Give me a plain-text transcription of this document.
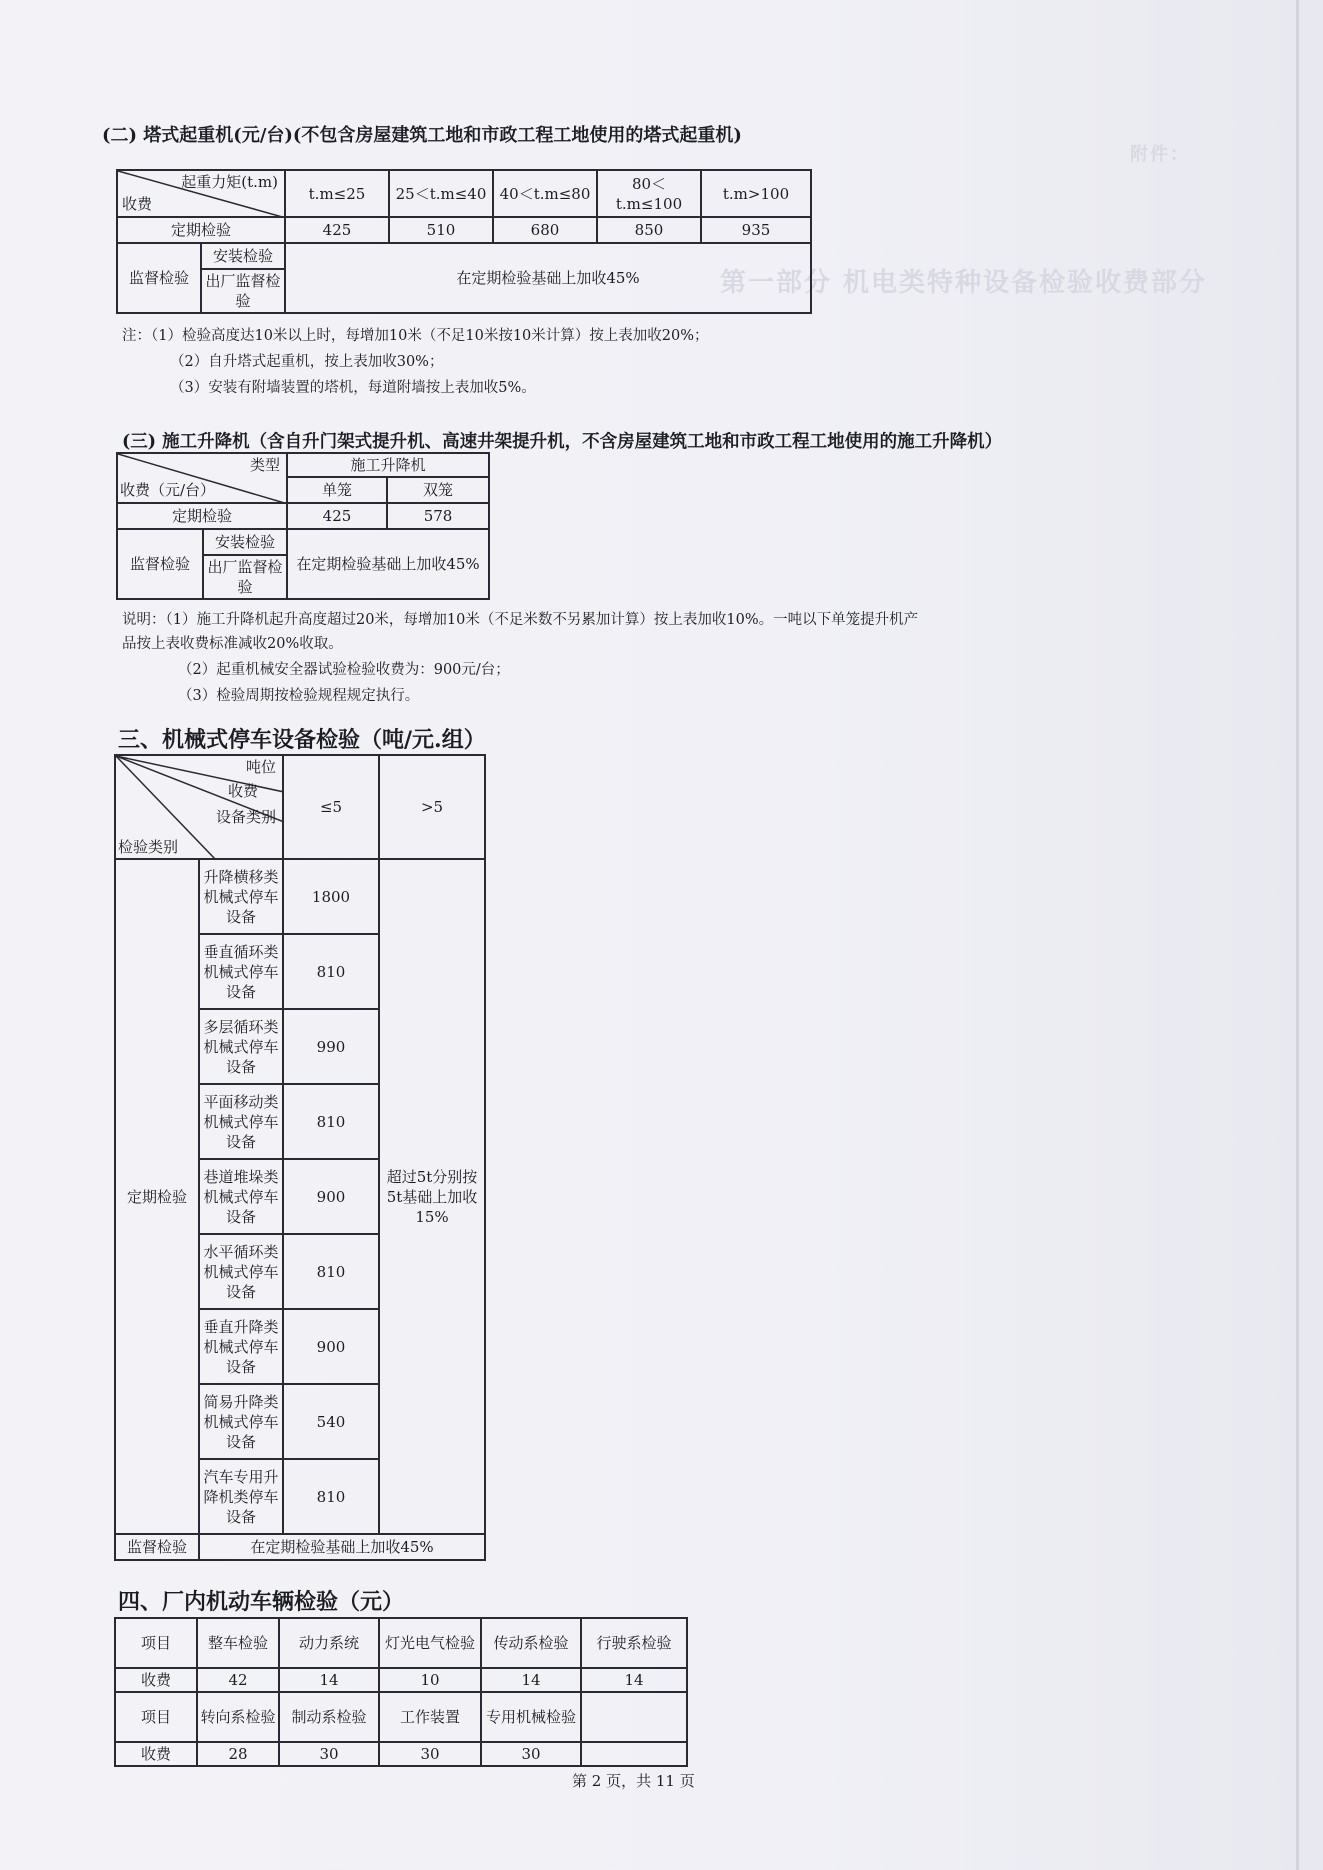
第一部分 机电类特种设备检验收费部分
附件：
(二) 塔式起重机(元/台)(不包含房屋建筑工地和市政工程工地使用的塔式起重机)
起重力矩(t.m)
收费		t.m≤25	25＜t.m≤40	40＜t.m≤80	80＜t.m≤100	t.m>100
定期检验		425	510	680	850	935
监督检验	安装检验	在定期检验基础上加收45%				
	出厂监督检验					
注：（1）检验高度达10米以上时，每增加10米（不足10米按10米计算）按上表加收20%；
（2）自升塔式起重机，按上表加收30%；
（3）安装有附墙装置的塔机，每道附墙按上表加收5%。
(三) 施工升降机（含自升门架式提升机、高速井架提升机，不含房屋建筑工地和市政工程工地使用的施工升降机）
类型
收费（元/台）		施工升降机	
		单笼	双笼
定期检验		425	578
监督检验	安装检验	在定期检验基础上加收45%	
	出厂监督检验		
说明：（1）施工升降机起升高度超过20米，每增加10米（不足米数不另累加计算）按上表加收10%。一吨以下单笼提升机产
品按上表收费标准减收20%收取。
（2）起重机械安全器试验检验收费为：900元/台；
（3）检验周期按检验规程规定执行。
三、机械式停车设备检验（吨/元.组）
吨位
收费
设备类别
检验类别		≤5	>5
定期检验	升降横移类机械式停车设备	1800	超过5t分别按5t基础上加收15%
	垂直循环类机械式停车设备	810	
	多层循环类机械式停车设备	990	
	平面移动类机械式停车设备	810	
	巷道堆垛类机械式停车设备	900	
	水平循环类机械式停车设备	810	
	垂直升降类机械式停车设备	900	
	简易升降类机械式停车设备	540	
	汽车专用升降机类停车设备	810	
监督检验	在定期检验基础上加收45%		
四、厂内机动车辆检验（元）
项目	整车检验	动力系统	灯光电气检验	传动系检验	行驶系检验
收费	42	14	10	14	14
项目	转向系检验	制动系检验	工作装置	专用机械检验	
收费	28	30	30	30	
第 2 页，共 11 页
